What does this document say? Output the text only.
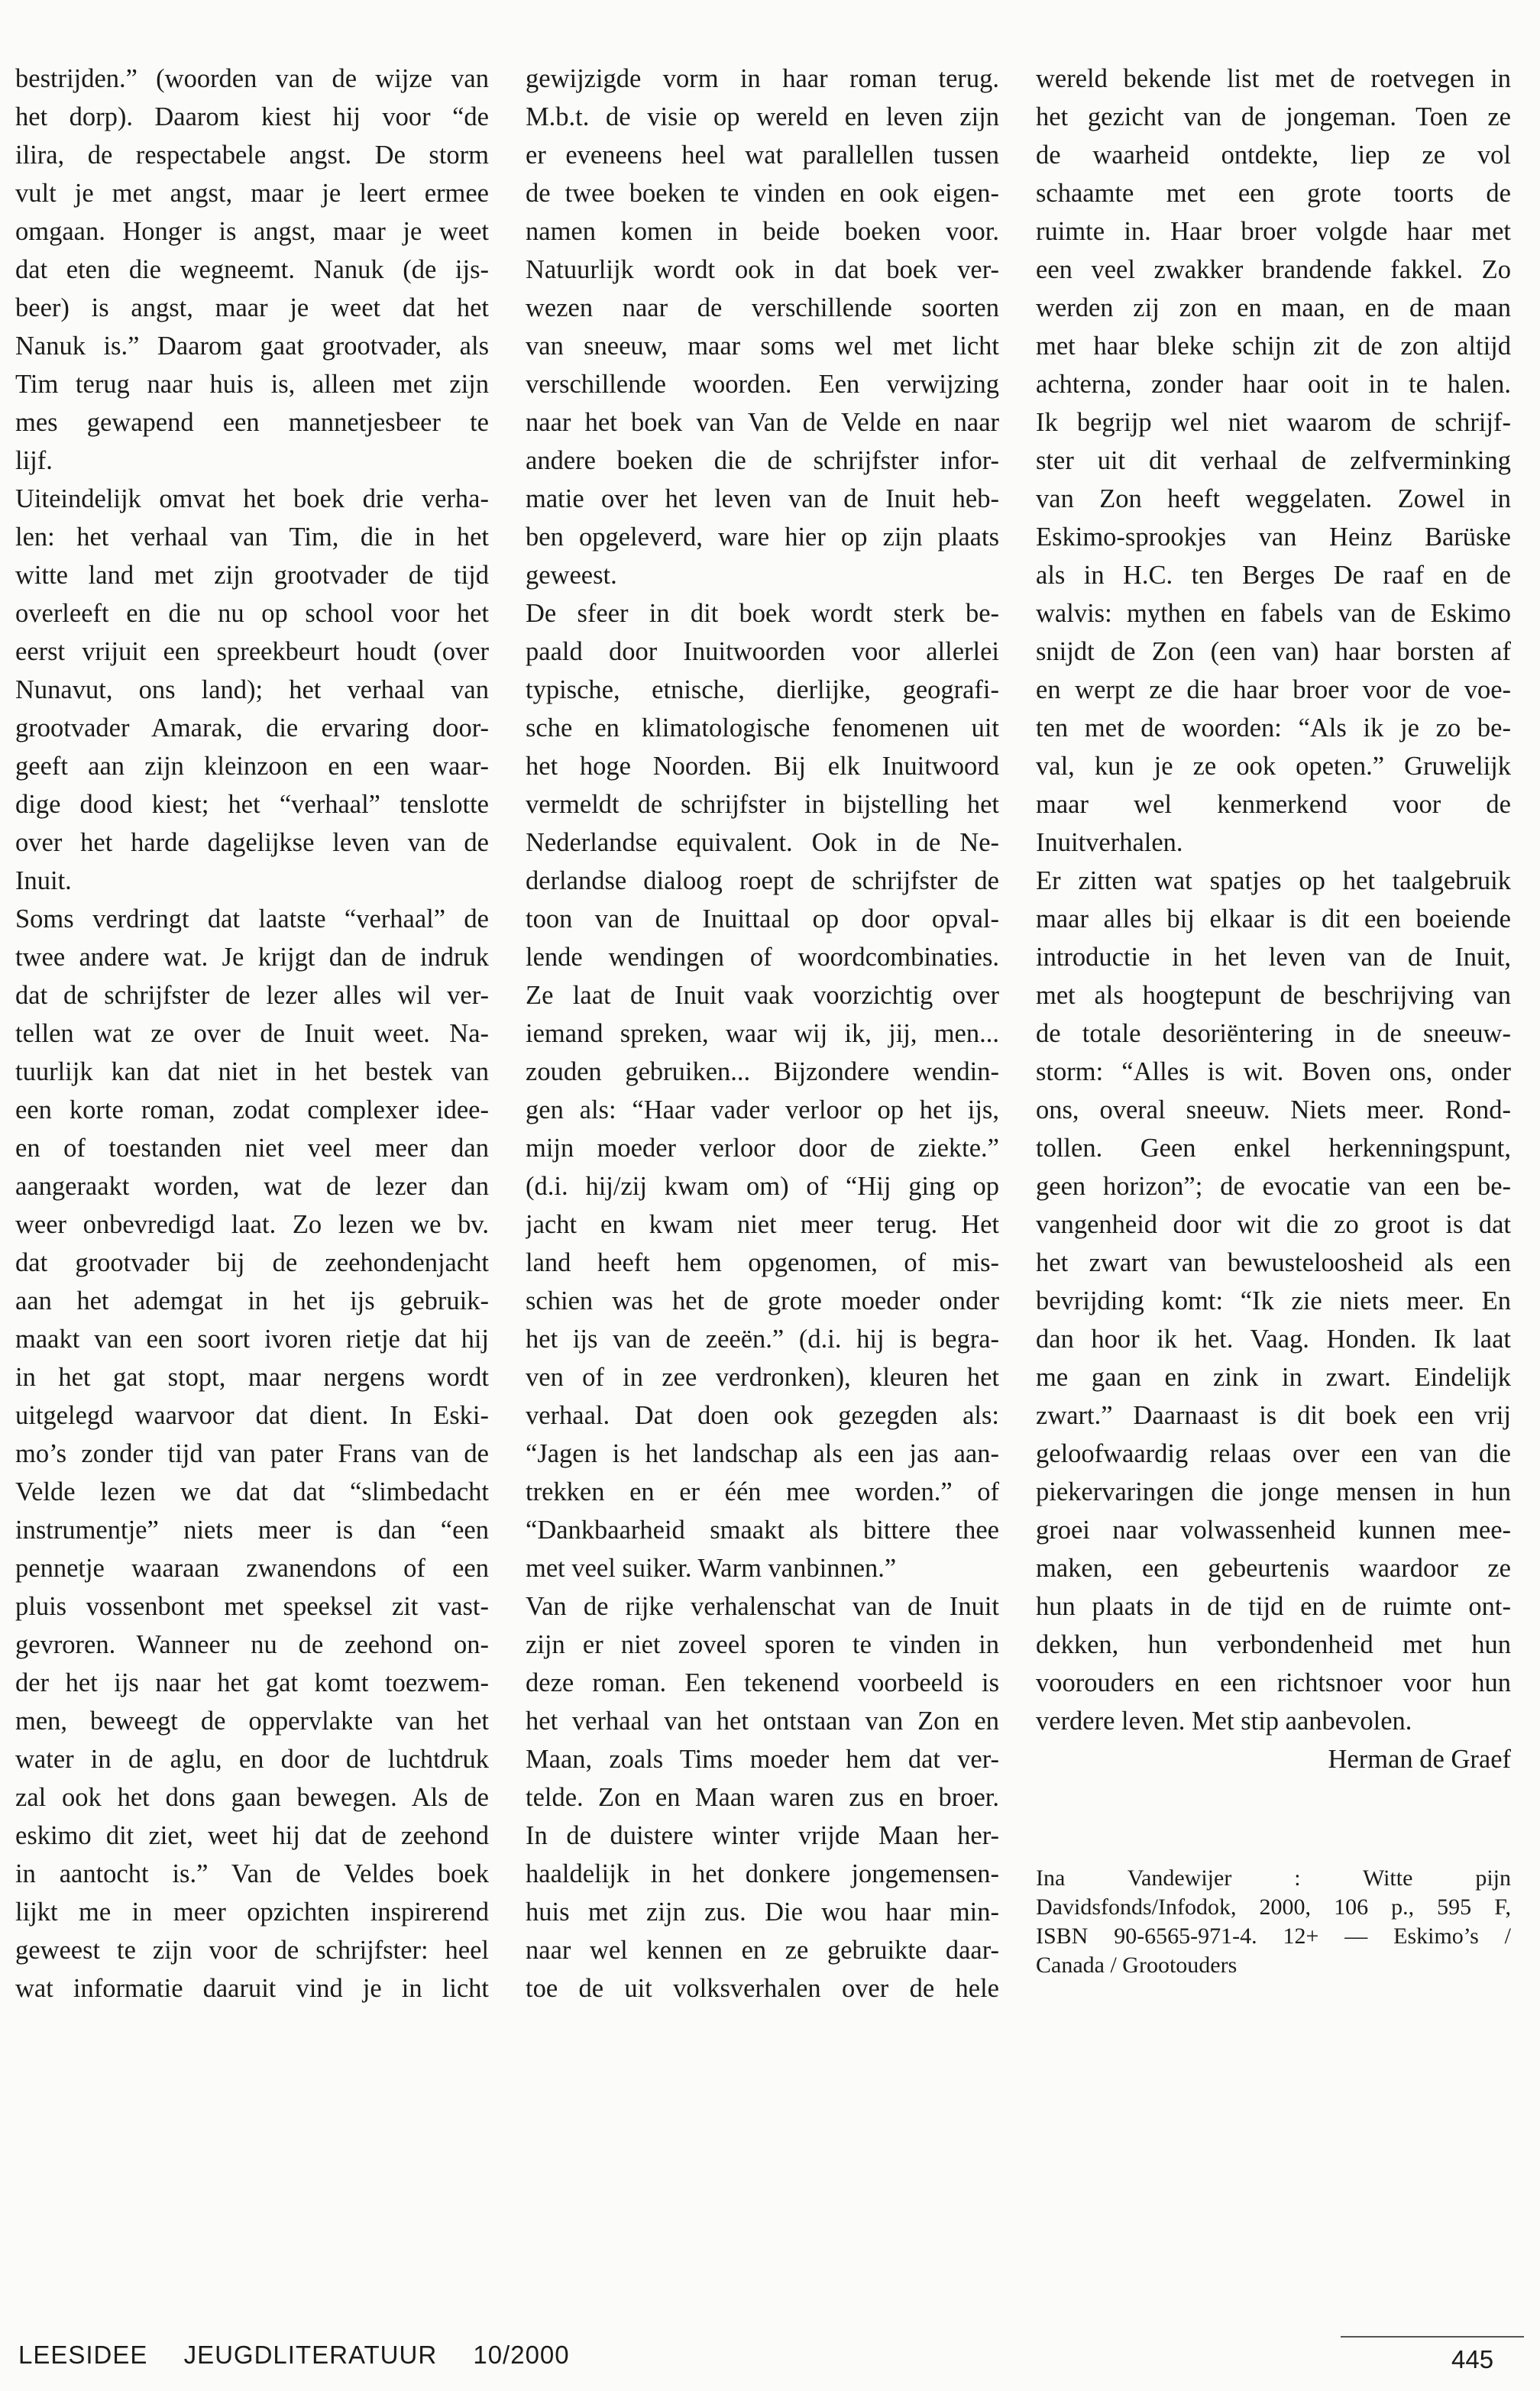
bestrijden.” (woorden van de wijze van
het dorp). Daarom kiest hij voor “de
ilira, de respectabele angst. De storm
vult je met angst, maar je leert ermee
omgaan. Honger is angst, maar je weet
dat eten die wegneemt. Nanuk (de ijs-
beer) is angst, maar je weet dat het
Nanuk is.” Daarom gaat grootvader, als
Tim terug naar huis is, alleen met zijn
mes gewapend een mannetjesbeer te
lijf.
Uiteindelijk omvat het boek drie verha-
len: het verhaal van Tim, die in het
witte land met zijn grootvader de tijd
overleeft en die nu op school voor het
eerst vrijuit een spreekbeurt houdt (over
Nunavut, ons land); het verhaal van
grootvader Amarak, die ervaring door-
geeft aan zijn kleinzoon en een waar-
dige dood kiest; het “verhaal” tenslotte
over het harde dagelijkse leven van de
Inuit.
Soms verdringt dat laatste “verhaal” de
twee andere wat. Je krijgt dan de indruk
dat de schrijfster de lezer alles wil ver-
tellen wat ze over de Inuit weet. Na-
tuurlijk kan dat niet in het bestek van
een korte roman, zodat complexer idee-
en of toestanden niet veel meer dan
aangeraakt worden, wat de lezer dan
weer onbevredigd laat. Zo lezen we bv.
dat grootvader bij de zeehondenjacht
aan het ademgat in het ijs gebruik-
maakt van een soort ivoren rietje dat hij
in het gat stopt, maar nergens wordt
uitgelegd waarvoor dat dient. In Eski-
mo’s zonder tijd van pater Frans van de
Velde lezen we dat dat “slimbedacht
instrumentje” niets meer is dan “een
pennetje waaraan zwanendons of een
pluis vossenbont met speeksel zit vast-
gevroren. Wanneer nu de zeehond on-
der het ijs naar het gat komt toezwem-
men, beweegt de oppervlakte van het
water in de aglu, en door de luchtdruk
zal ook het dons gaan bewegen. Als de
eskimo dit ziet, weet hij dat de zeehond
in aantocht is.” Van de Veldes boek
lijkt me in meer opzichten inspirerend
geweest te zijn voor de schrijfster: heel
wat informatie daaruit vind je in licht
gewijzigde vorm in haar roman terug.
M.b.t. de visie op wereld en leven zijn
er eveneens heel wat parallellen tussen
de twee boeken te vinden en ook eigen-
namen komen in beide boeken voor.
Natuurlijk wordt ook in dat boek ver-
wezen naar de verschillende soorten
van sneeuw, maar soms wel met licht
verschillende woorden. Een verwijzing
naar het boek van Van de Velde en naar
andere boeken die de schrijfster infor-
matie over het leven van de Inuit heb-
ben opgeleverd, ware hier op zijn plaats
geweest.
De sfeer in dit boek wordt sterk be-
paald door Inuitwoorden voor allerlei
typische, etnische, dierlijke, geografi-
sche en klimatologische fenomenen uit
het hoge Noorden. Bij elk Inuitwoord
vermeldt de schrijfster in bijstelling het
Nederlandse equivalent. Ook in de Ne-
derlandse dialoog roept de schrijfster de
toon van de Inuittaal op door opval-
lende wendingen of woordcombinaties.
Ze laat de Inuit vaak voorzichtig over
iemand spreken, waar wij ik, jij, men...
zouden gebruiken... Bijzondere wendin-
gen als: “Haar vader verloor op het ijs,
mijn moeder verloor door de ziekte.”
(d.i. hij/zij kwam om) of “Hij ging op
jacht en kwam niet meer terug. Het
land heeft hem opgenomen, of mis-
schien was het de grote moeder onder
het ijs van de zeeën.” (d.i. hij is begra-
ven of in zee verdronken), kleuren het
verhaal. Dat doen ook gezegden als:
“Jagen is het landschap als een jas aan-
trekken en er één mee worden.” of
“Dankbaarheid smaakt als bittere thee
met veel suiker. Warm vanbinnen.”
Van de rijke verhalenschat van de Inuit
zijn er niet zoveel sporen te vinden in
deze roman. Een tekenend voorbeeld is
het verhaal van het ontstaan van Zon en
Maan, zoals Tims moeder hem dat ver-
telde. Zon en Maan waren zus en broer.
In de duistere winter vrijde Maan her-
haaldelijk in het donkere jongemensen-
huis met zijn zus. Die wou haar min-
naar wel kennen en ze gebruikte daar-
toe de uit volksverhalen over de hele
wereld bekende list met de roetvegen in
het gezicht van de jongeman. Toen ze
de waarheid ontdekte, liep ze vol
schaamte met een grote toorts de
ruimte in. Haar broer volgde haar met
een veel zwakker brandende fakkel. Zo
werden zij zon en maan, en de maan
met haar bleke schijn zit de zon altijd
achterna, zonder haar ooit in te halen.
Ik begrijp wel niet waarom de schrijf-
ster uit dit verhaal de zelfverminking
van Zon heeft weggelaten. Zowel in
Eskimo-sprookjes van Heinz Barüske
als in H.C. ten Berges De raaf en de
walvis: mythen en fabels van de Eskimo
snijdt de Zon (een van) haar borsten af
en werpt ze die haar broer voor de voe-
ten met de woorden: “Als ik je zo be-
val, kun je ze ook opeten.” Gruwelijk
maar wel kenmerkend voor de
Inuitverhalen.
Er zitten wat spatjes op het taalgebruik
maar alles bij elkaar is dit een boeiende
introductie in het leven van de Inuit,
met als hoogtepunt de beschrijving van
de totale desoriëntering in de sneeuw-
storm: “Alles is wit. Boven ons, onder
ons, overal sneeuw. Niets meer. Rond-
tollen. Geen enkel herkenningspunt,
geen horizon”; de evocatie van een be-
vangenheid door wit die zo groot is dat
het zwart van bewusteloosheid als een
bevrijding komt: “Ik zie niets meer. En
dan hoor ik het. Vaag. Honden. Ik laat
me gaan en zink in zwart. Eindelijk
zwart.” Daarnaast is dit boek een vrij
geloofwaardig relaas over een van die
piekervaringen die jonge mensen in hun
groei naar volwassenheid kunnen mee-
maken, een gebeurtenis waardoor ze
hun plaats in de tijd en de ruimte ont-
dekken, hun verbondenheid met hun
voorouders en een richtsnoer voor hun
verdere leven. Met stip aanbevolen.
Herman de Graef
Ina Vandewijer : Witte pijn
Davidsfonds/Infodok, 2000, 106 p., 595 F,
ISBN 90-6565-971-4. 12+ — Eskimo’s /
Canada / Grootouders
LEESIDEE JEUGDLITERATUUR 10/2000	445
